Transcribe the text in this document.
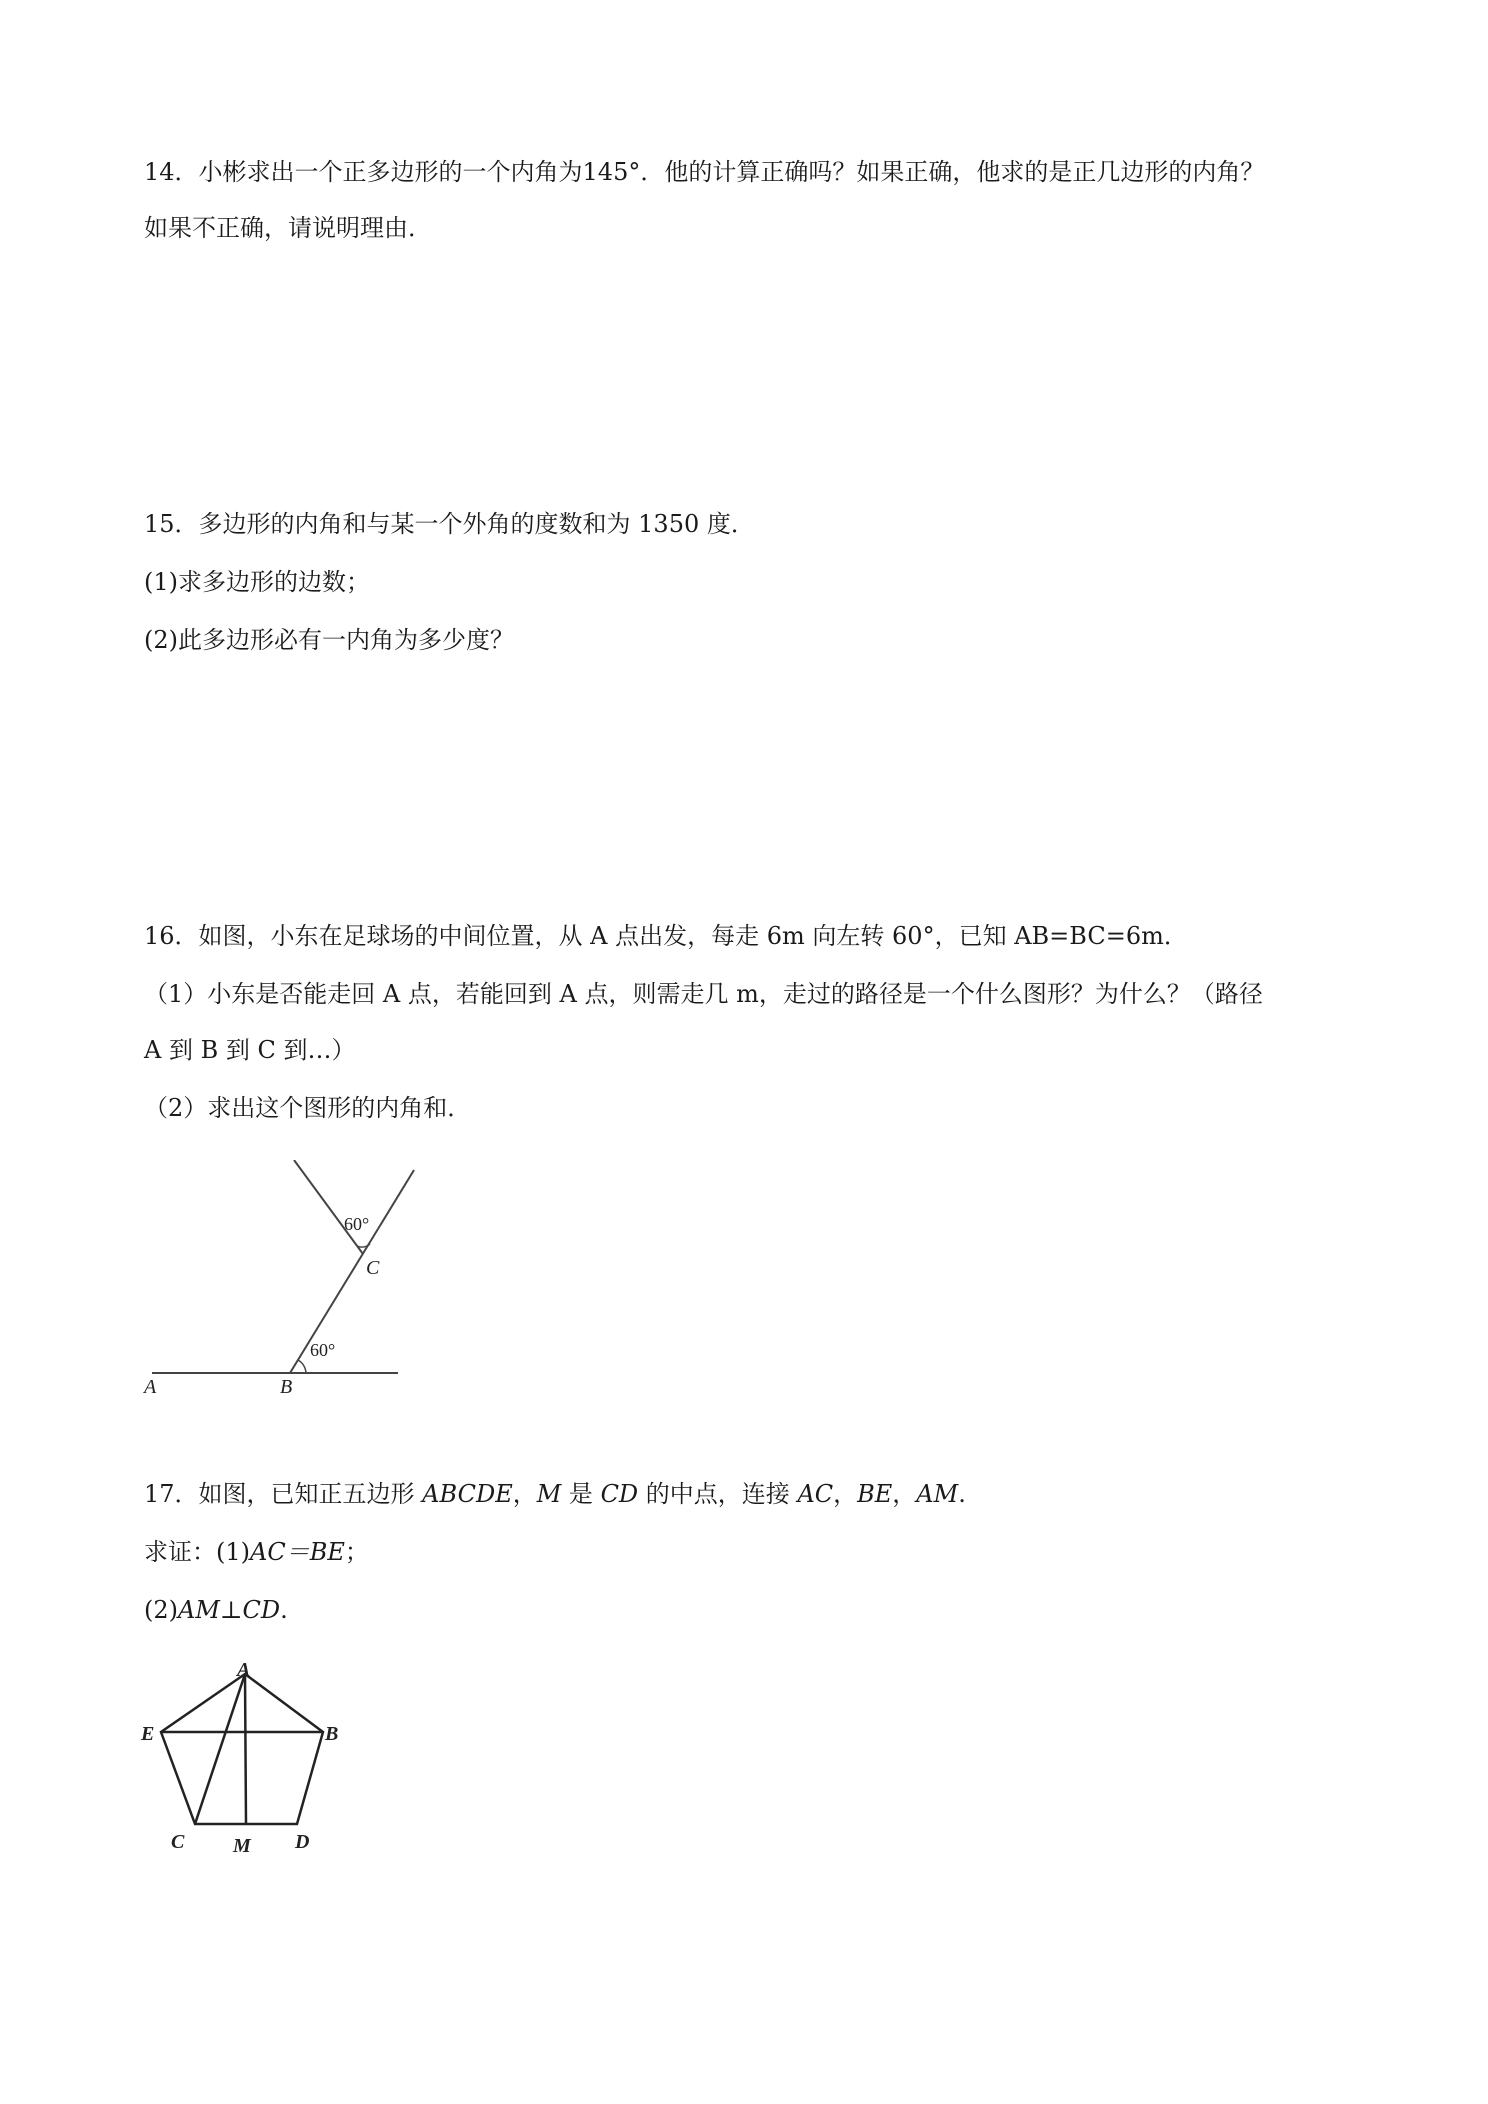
14．小彬求出一个正多边形的一个内角为145°．他的计算正确吗？如果正确，他求的是正几边形的内角？
如果不正确，请说明理由．
15．多边形的内角和与某一个外角的度数和为 1350 度．
(1)求多边形的边数；
(2)此多边形必有一内角为多少度？
16．如图，小东在足球场的中间位置，从 A 点出发，每走 6m 向左转 60°，已知 AB=BC=6m．
（1）小东是否能走回 A 点，若能回到 A 点，则需走几 m，走过的路径是一个什么图形？为什么？（路径
A 到 B 到 C 到…）
（2）求出这个图形的内角和．
A	B
C
60°
60°
17．如图，已知正五边形 ABCDE，M 是 CD 的中点，连接 AC，BE，AM.
求证：(1)AC＝BE；
(2)AM⊥CD.
A
B
C	D
E
M
